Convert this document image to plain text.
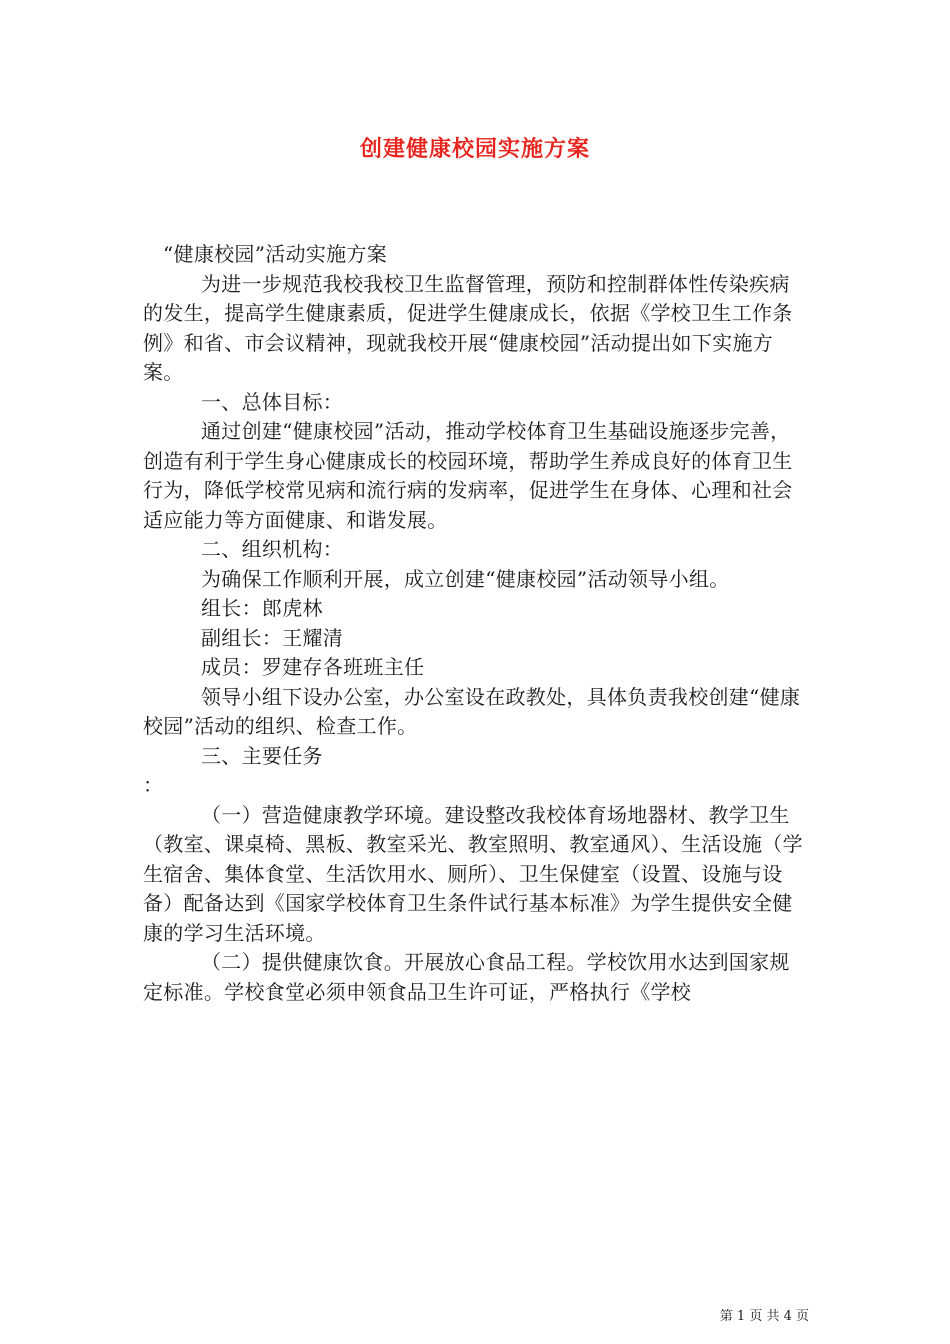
创建健康校园实施方案

“健康校园”活动实施方案

为进一步规范我校我校卫生监督管理，预防和控制群体性传染疾病的发生，提高学生健康素质，促进学生健康成长，依据《学校卫生工作条例》和省、市会议精神，现就我校开展“健康校园”活动提出如下实施方案。

一、总体目标：

通过创建“健康校园”活动，推动学校体育卫生基础设施逐步完善，创造有利于学生身心健康成长的校园环境，帮助学生养成良好的体育卫生行为，降低学校常见病和流行病的发病率，促进学生在身体、心理和社会适应能力等方面健康、和谐发展。

二、组织机构：

为确保工作顺利开展，成立创建“健康校园”活动领导小组。

组长：郎虎林

副组长：王耀清

成员：罗建存各班班主任

领导小组下设办公室，办公室设在政教处，具体负责我校创建“健康校园”活动的组织、检查工作。

三、主要任务

：

（一）营造健康教学环境。建设整改我校体育场地器材、教学卫生（教室、课桌椅、黑板、教室采光、教室照明、教室通风）、生活设施（学生宿舍、集体食堂、生活饮用水、厕所）、卫生保健室（设置、设施与设备）配备达到《国家学校体育卫生条件试行基本标准》为学生提供安全健康的学习生活环境。

（二）提供健康饮食。开展放心食品工程。学校饮用水达到国家规定标准。学校食堂必须申领食品卫生许可证，严格执行《学校

第 1 页 共 4 页
